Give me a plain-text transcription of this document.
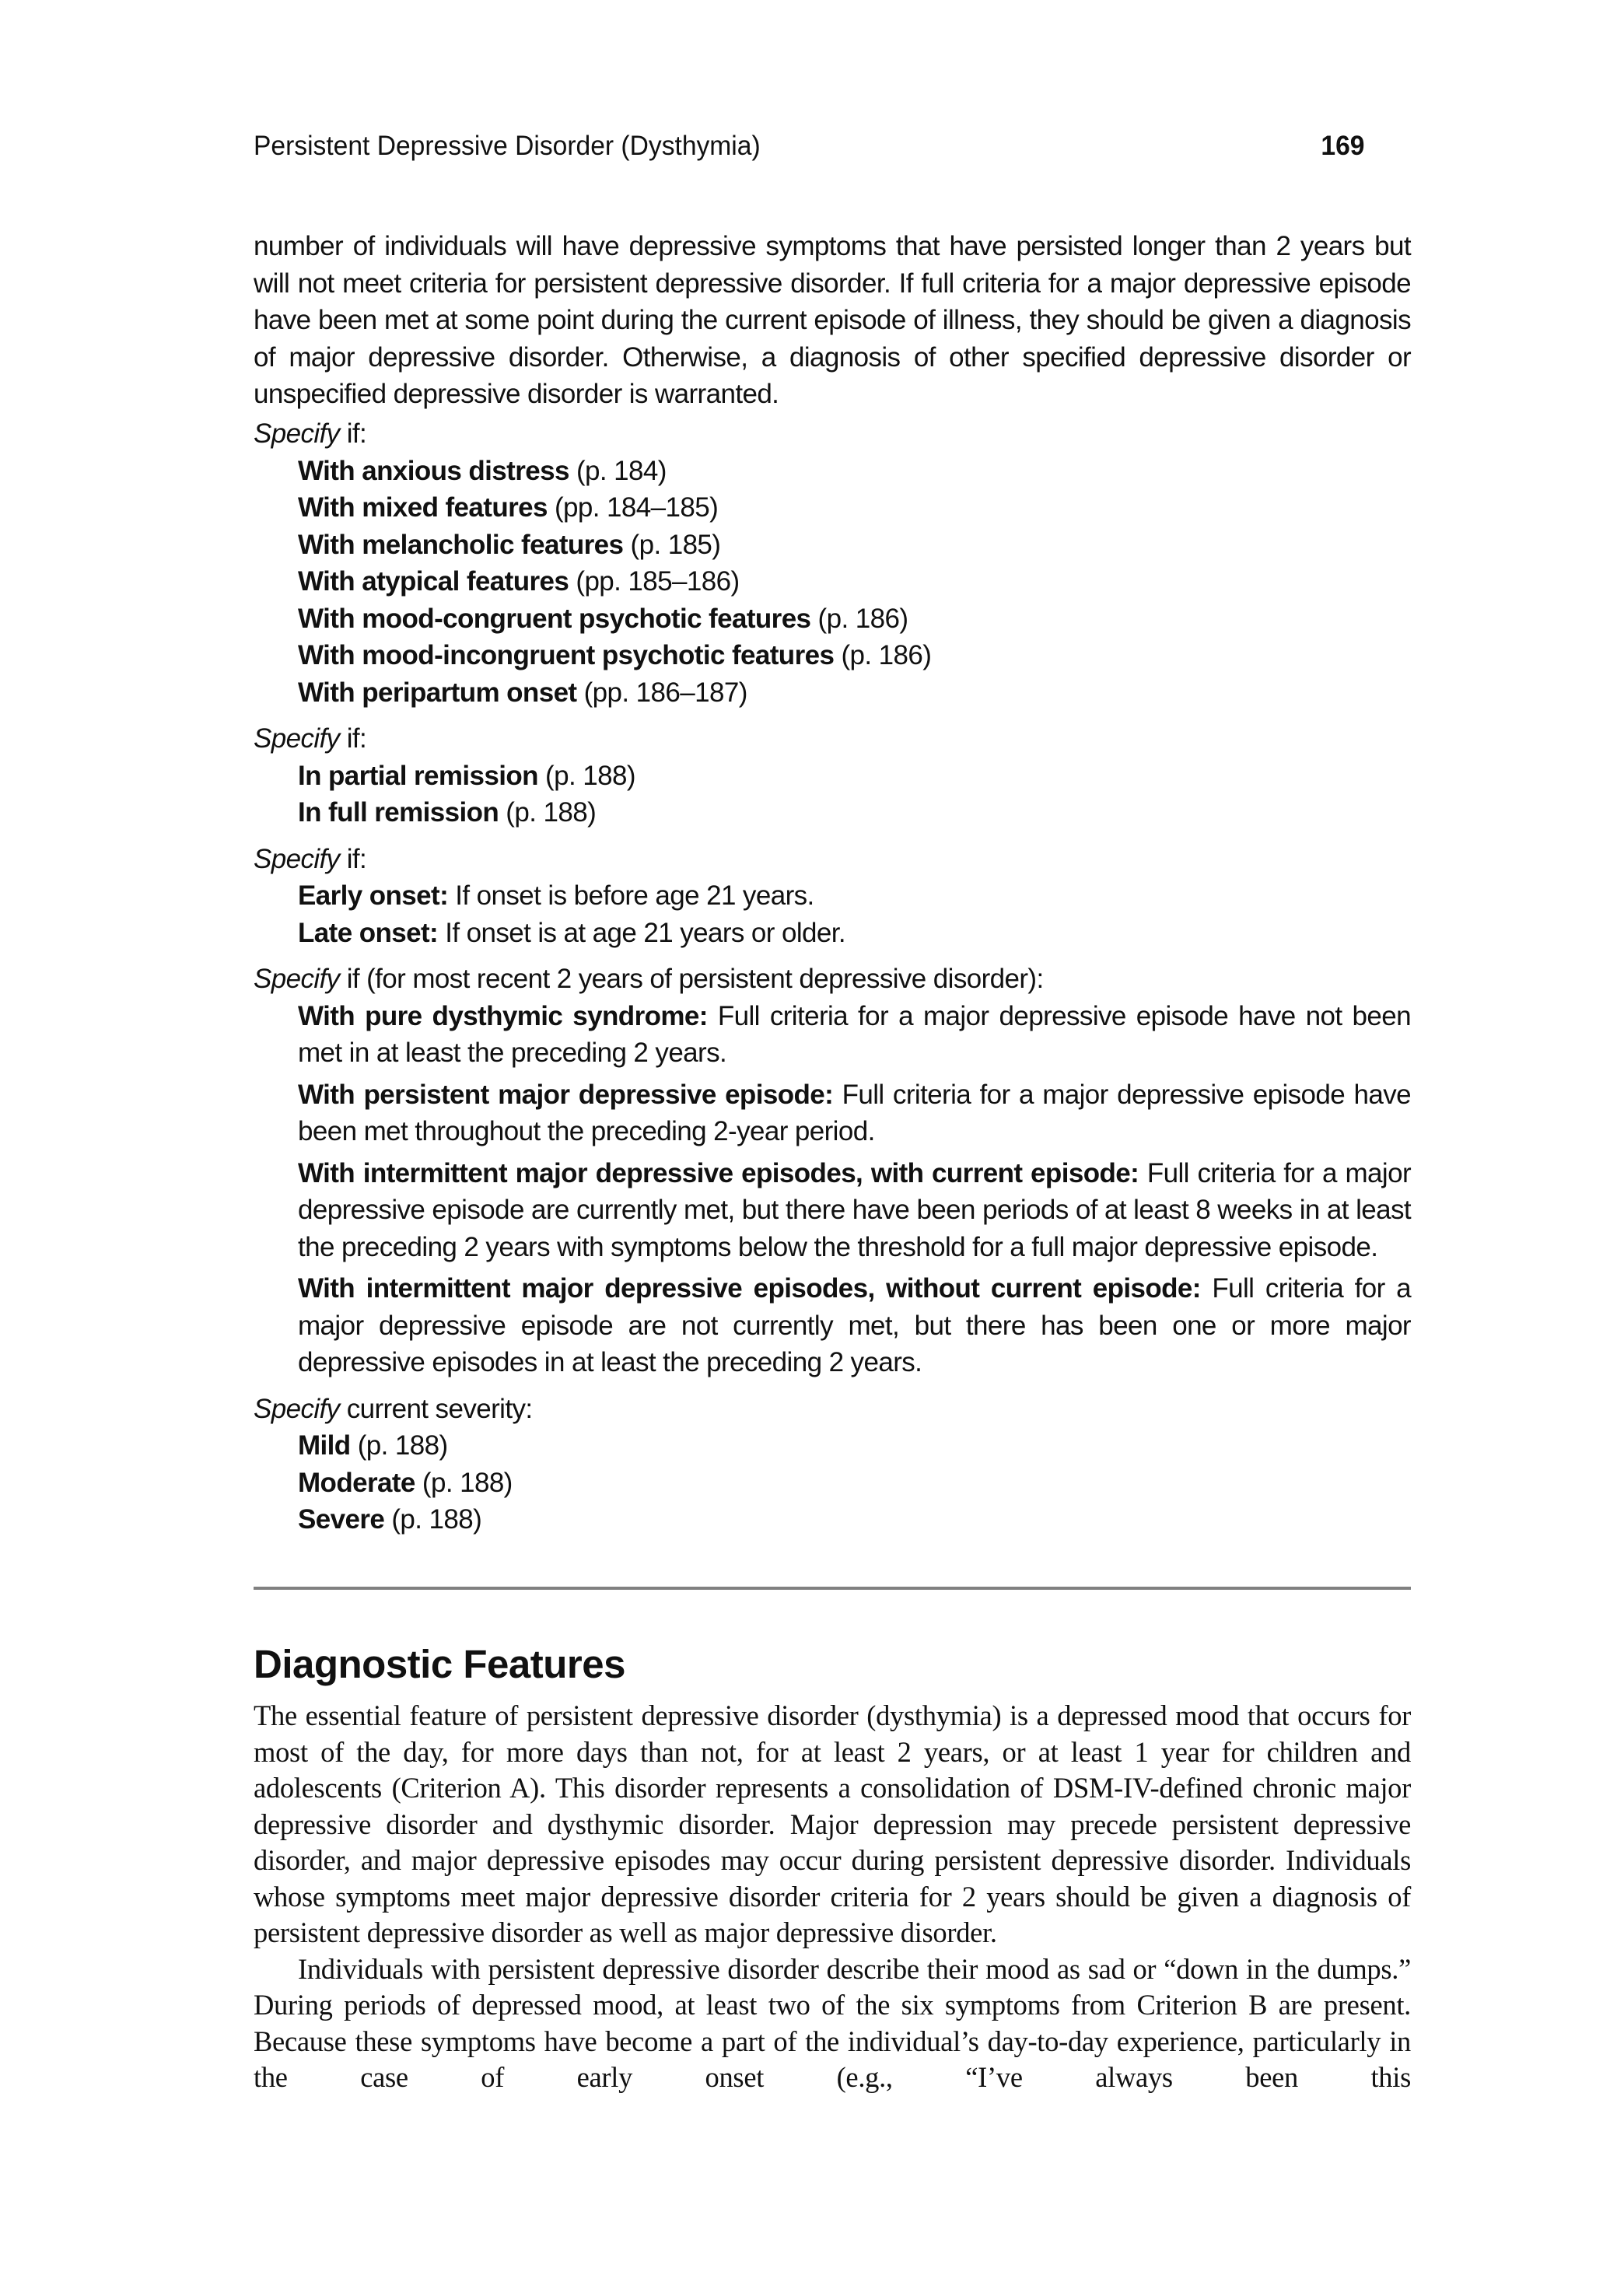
Persistent Depressive Disorder (Dysthymia)	169
number of individuals will have depressive symptoms that have persisted longer than 2 years but will not meet criteria for persistent depressive disorder. If full criteria for a major depressive episode have been met at some point during the current episode of illness, they should be given a diagnosis of major depressive disorder. Otherwise, a diagnosis of other specified depressive disorder or unspecified depressive disorder is warranted.

Specify if:

With anxious distress (p. 184)

With mixed features (pp. 184–185)

With melancholic features (p. 185)

With atypical features (pp. 185–186)

With mood-congruent psychotic features (p. 186)

With mood-incongruent psychotic features (p. 186)

With peripartum onset (pp. 186–187)

Specify if:

In partial remission (p. 188)

In full remission (p. 188)

Specify if:

Early onset: If onset is before age 21 years.

Late onset: If onset is at age 21 years or older.

Specify if (for most recent 2 years of persistent depressive disorder):

With pure dysthymic syndrome: Full criteria for a major depressive episode have not been met in at least the preceding 2 years.

With persistent major depressive episode: Full criteria for a major depressive episode have been met throughout the preceding 2-year period.

With intermittent major depressive episodes, with current episode: Full criteria for a major depressive episode are currently met, but there have been periods of at least 8 weeks in at least the preceding 2 years with symptoms below the threshold for a full major depressive episode.

With intermittent major depressive episodes, without current episode: Full criteria for a major depressive episode are not currently met, but there has been one or more major depressive episodes in at least the preceding 2 years.

Specify current severity:

Mild (p. 188)

Moderate (p. 188)

Severe (p. 188)

Diagnostic Features

The essential feature of persistent depressive disorder (dysthymia) is a depressed mood that occurs for most of the day, for more days than not, for at least 2 years, or at least 1 year for children and adolescents (Criterion A). This disorder represents a consolidation of DSM-IV-defined chronic major depressive disorder and dysthymic disorder. Major depression may precede persistent depressive disorder, and major depressive episodes may occur during persistent depressive disorder. Individuals whose symptoms meet major depressive disorder criteria for 2 years should be given a diagnosis of persistent depressive disorder as well as major depressive disorder.

Individuals with persistent depressive disorder describe their mood as sad or “down in the dumps.” During periods of depressed mood, at least two of the six symptoms from Criterion B are present. Because these symptoms have become a part of the individual’s day-to-day experience, particularly in the case of early onset (e.g., “I’ve always been this
